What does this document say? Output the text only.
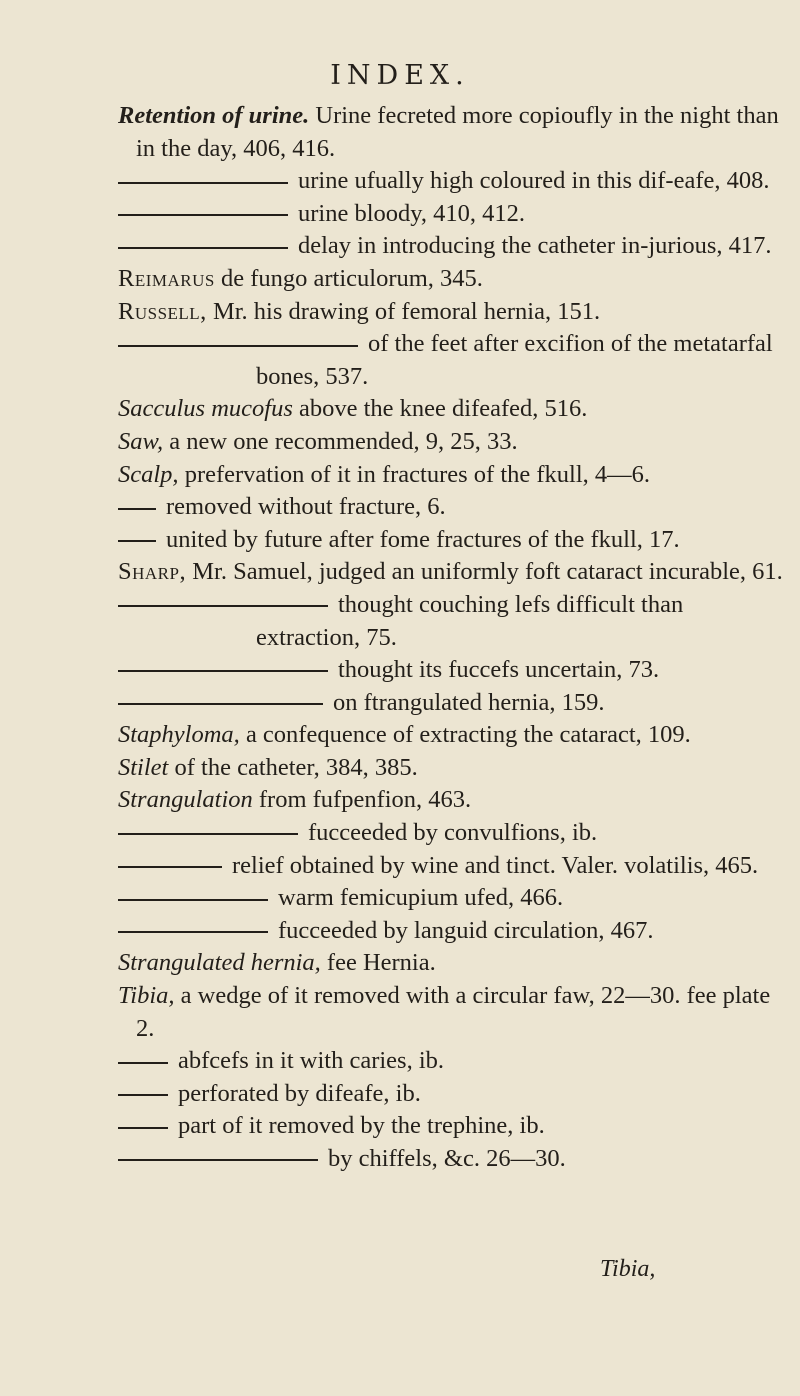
INDEX.
Retention of urine. Urine fecreted more copioufly in the night than in the day, 406, 416.
urine ufually high coloured in this dif-eafe, 408.
urine bloody, 410, 412.
delay in introducing the catheter in-jurious, 417.
Reimarus de fungo articulorum, 345.
Russell, Mr. his drawing of femoral hernia, 151.
of the feet after excifion of the metatarfal bones, 537.
Sacculus mucofus above the knee difeafed, 516.
Saw, a new one recommended, 9, 25, 33.
Scalp, prefervation of it in fractures of the fkull, 4—6.
removed without fracture, 6.
united by future after fome fractures of the fkull, 17.
Sharp, Mr. Samuel, judged an uniformly foft cataract incurable, 61.
thought couching lefs difficult than extraction, 75.
thought its fuccefs uncertain, 73.
on ftrangulated hernia, 159.
Staphyloma, a confequence of extracting the cataract, 109.
Stilet of the catheter, 384, 385.
Strangulation from fufpenfion, 463.
fucceeded by convulfions, ib.
relief obtained by wine and tinct. Valer. volatilis, 465.
warm femicupium ufed, 466.
fucceeded by languid circulation, 467.
Strangulated hernia, fee Hernia.
Tibia, a wedge of it removed with a circular faw, 22—30. fee plate 2.
abfcefs in it with caries, ib.
perforated by difeafe, ib.
part of it removed by the trephine, ib.
by chiffels, &c. 26—30.
Tibia,
